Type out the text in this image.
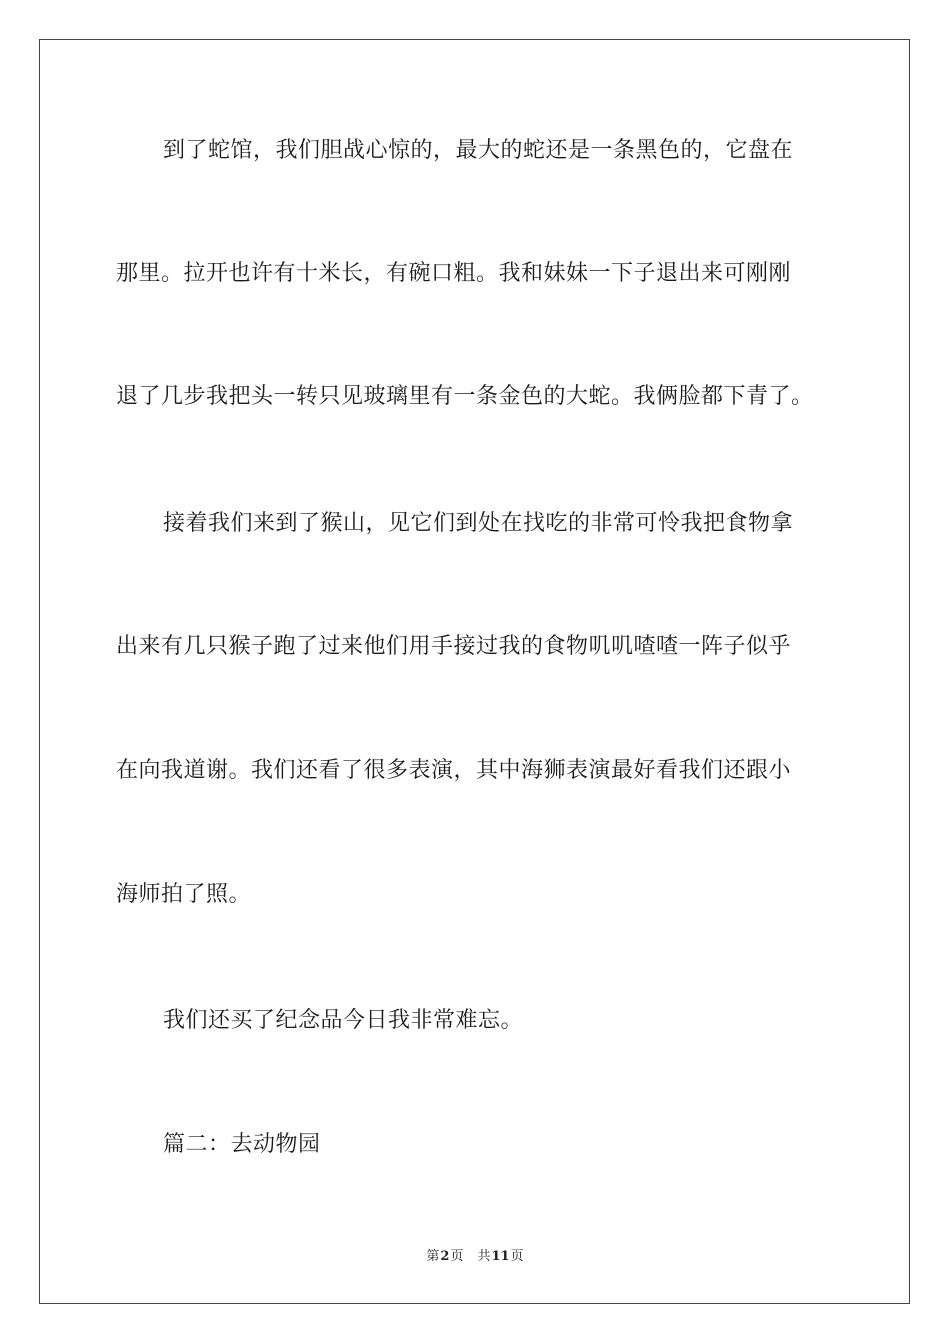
到了蛇馆，我们胆战心惊的，最大的蛇还是一条黑色的，它盘在
那里。拉开也许有十米长，有碗口粗。我和妹妹一下子退出来可刚刚
退了几步我把头一转只见玻璃里有一条金色的大蛇。我俩脸都下青了。
接着我们来到了猴山，见它们到处在找吃的非常可怜我把食物拿
出来有几只猴子跑了过来他们用手接过我的食物叽叽喳喳一阵子似乎
在向我道谢。我们还看了很多表演，其中海狮表演最好看我们还跟小
海师拍了照。
我们还买了纪念品今日我非常难忘。
篇二：去动物园
第2页 共11页
